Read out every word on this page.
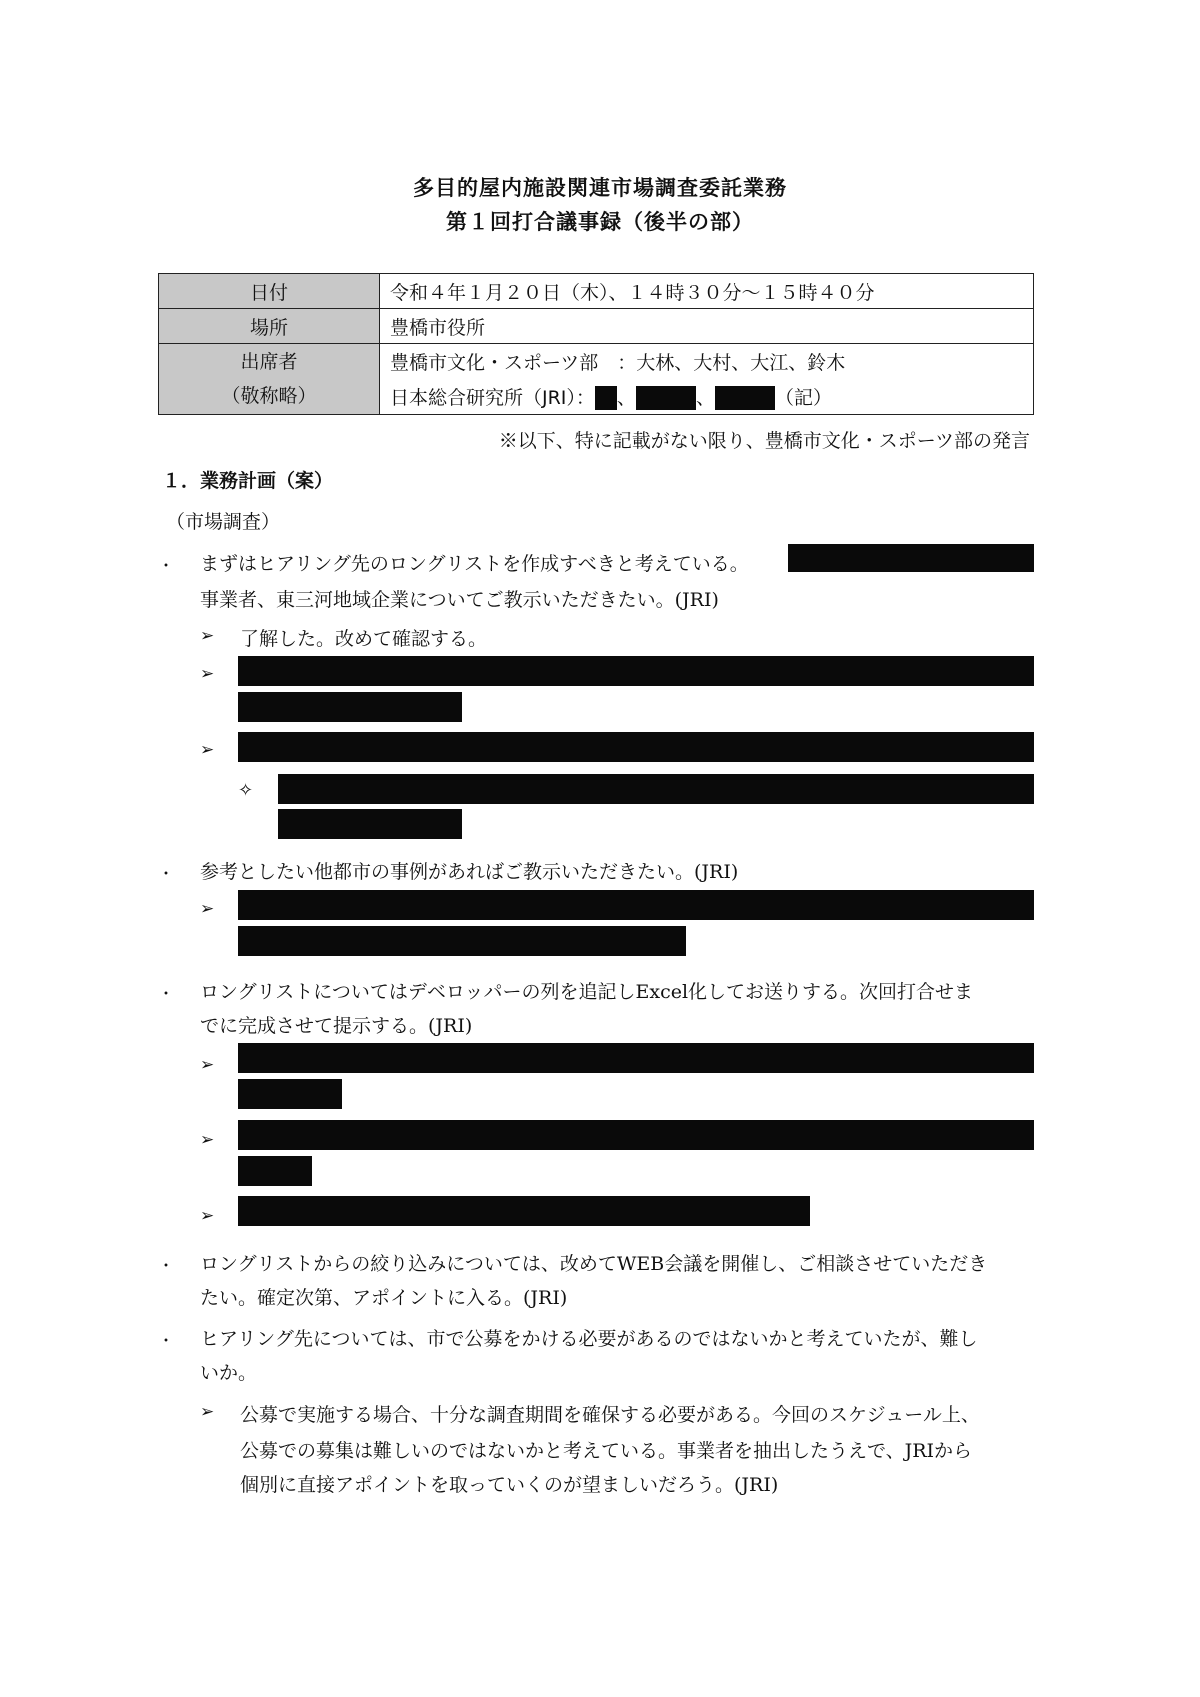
多目的屋内施設関連市場調査委託業務
第１回打合議事録（後半の部）
日付	令和４年１月２０日（木）、１４時３０分～１５時４０分
場所	豊橋市役所

出席者
（敬称略）	豊橋市文化・スポーツ部　：大林、大村、大江、鈴木
	日本総合研究所（JRI）： 、 、 （記）
※以下、特に記載がない限り、豊橋市文化・スポーツ部の発言
１．業務計画（案）
（市場調査）
・ まずはヒアリング先のロングリストを作成すべきと考えている。
事業者、東三河地域企業についてご教示いただきたい。(JRI)
➢ 了解した。改めて確認する。
➢
➢
✧
・ 参考としたい他都市の事例があればご教示いただきたい。(JRI)
➢
・ ロングリストについてはデベロッパーの列を追記しExcel化してお送りする。次回打合せま
でに完成させて提示する。(JRI)
➢
➢
➢
・ ロングリストからの絞り込みについては、改めてWEB会議を開催し、ご相談させていただき
たい。確定次第、アポイントに入る。(JRI)
・ ヒアリング先については、市で公募をかける必要があるのではないかと考えていたが、難し
いか。
➢ 公募で実施する場合、十分な調査期間を確保する必要がある。今回のスケジュール上、
公募での募集は難しいのではないかと考えている。事業者を抽出したうえで、JRIから
個別に直接アポイントを取っていくのが望ましいだろう。(JRI)
